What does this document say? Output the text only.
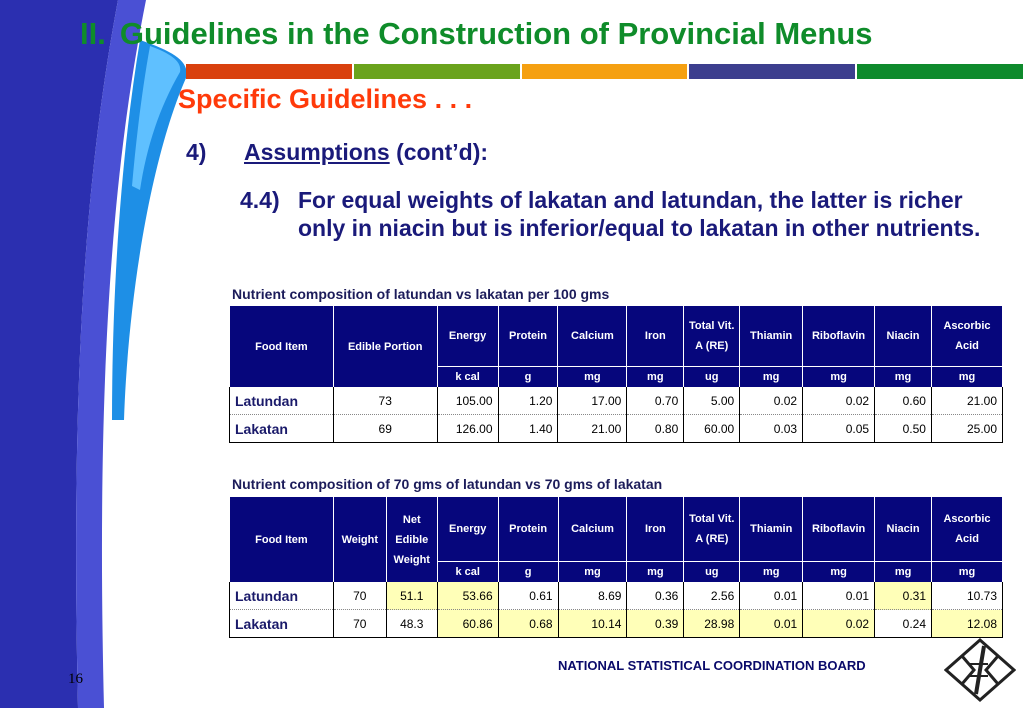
II. Guidelines in the Construction of Provincial Menus
Specific Guidelines . . .
4) Assumptions (cont’d):
4.4) For equal weights of lakatan and latundan, the latter is richer only in niacin but is inferior/equal to lakatan in other nutrients.
Nutrient composition of latundan vs lakatan per 100 gms
Food Item	Edible Portion	Energy	Protein	Calcium	Iron	Total Vit. A (RE)	Thiamin	Riboflavin	Niacin	Ascorbic Acid
		k cal	g	mg	mg	ug	mg	mg	mg	mg
Latundan	73	105.00	1.20	17.00	0.70	5.00	0.02	0.02	0.60	21.00
Lakatan	69	126.00	1.40	21.00	0.80	60.00	0.03	0.05	0.50	25.00
Nutrient composition of 70 gms of latundan vs 70 gms of lakatan
Food Item	Weight	Net Edible Weight	Energy	Protein	Calcium	Iron	Total Vit. A (RE)	Thiamin	Riboflavin	Niacin	Ascorbic Acid
			k cal	g	mg	mg	ug	mg	mg	mg	mg
Latundan	70	51.1	53.66	0.61	8.69	0.36	2.56	0.01	0.01	0.31	10.73
Lakatan	70	48.3	60.86	0.68	10.14	0.39	28.98	0.01	0.02	0.24	12.08
16
NATIONAL STATISTICAL COORDINATION BOARD
